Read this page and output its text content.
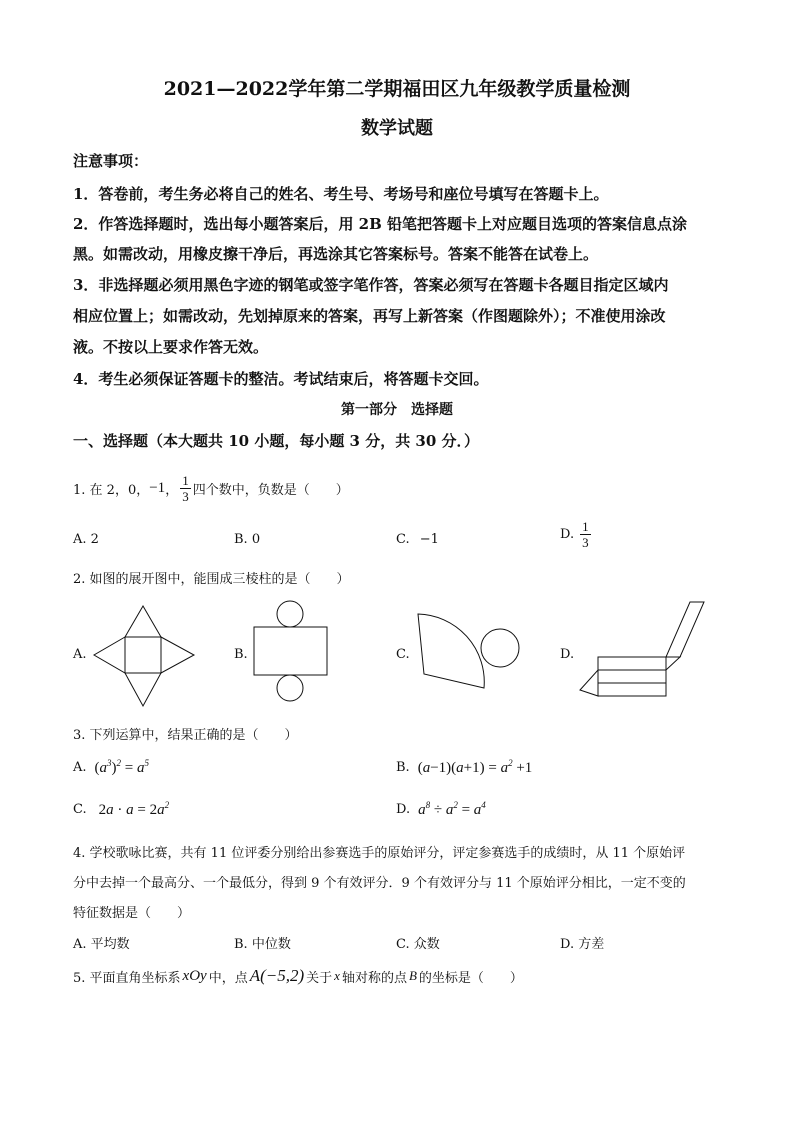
2021—2022学年第二学期福田区九年级教学质量检测
数学试题
注意事项：
1．答卷前，考生务必将自己的姓名、考生号、考场号和座位号填写在答题卡上。
2．作答选择题时，选出每小题答案后，用 2B 铅笔把答题卡上对应题目选项的答案信息点涂
黑。如需改动，用橡皮擦干净后，再选涂其它答案标号。答案不能答在试卷上。
3．非选择题必须用黑色字迹的钢笔或签字笔作答，答案必须写在答题卡各题目指定区域内
相应位置上；如需改动，先划掉原来的答案，再写上新答案（作图题除外）；不准使用涂改
液。不按以上要求作答无效。
4．考生必须保证答题卡的整洁。考试结束后，将答题卡交回。
第一部分　选择题
一、选择题（本大题共 10 小题，每小题 3 分，共 30 分．）
1. 在 2，0， −1 ， $\frac{1}{3}$ 四个数中，负数是（　　）
A. 2	B. 0	C. −1	D. $\frac{1}{3}$
2. 如图的展开图中，能围成三棱柱的是（　　）
A.	B.	C.	D.
3. 下列运算中，结果正确的是（　　）
A. $(a^3)^2 = a^5$	B. $(a-1)(a+1) = a^2 +1$
C. $2a \cdot a = 2a^2$	D. $a^8 \div a^2 = a^4$
4. 学校歌咏比赛，共有 11 位评委分别给出参赛选手的原始评分，评定参赛选手的成绩时，从 11 个原始评
分中去掉一个最高分、一个最低分，得到 9 个有效评分．9 个有效评分与 11 个原始评分相比，一定不变的
特征数据是（　　）
A. 平均数	B. 中位数	C. 众数	D. 方差
5. 平面直角坐标系 xOy 中，点 A(−5,2) 关于 x 轴对称的点 B 的坐标是（　　）
